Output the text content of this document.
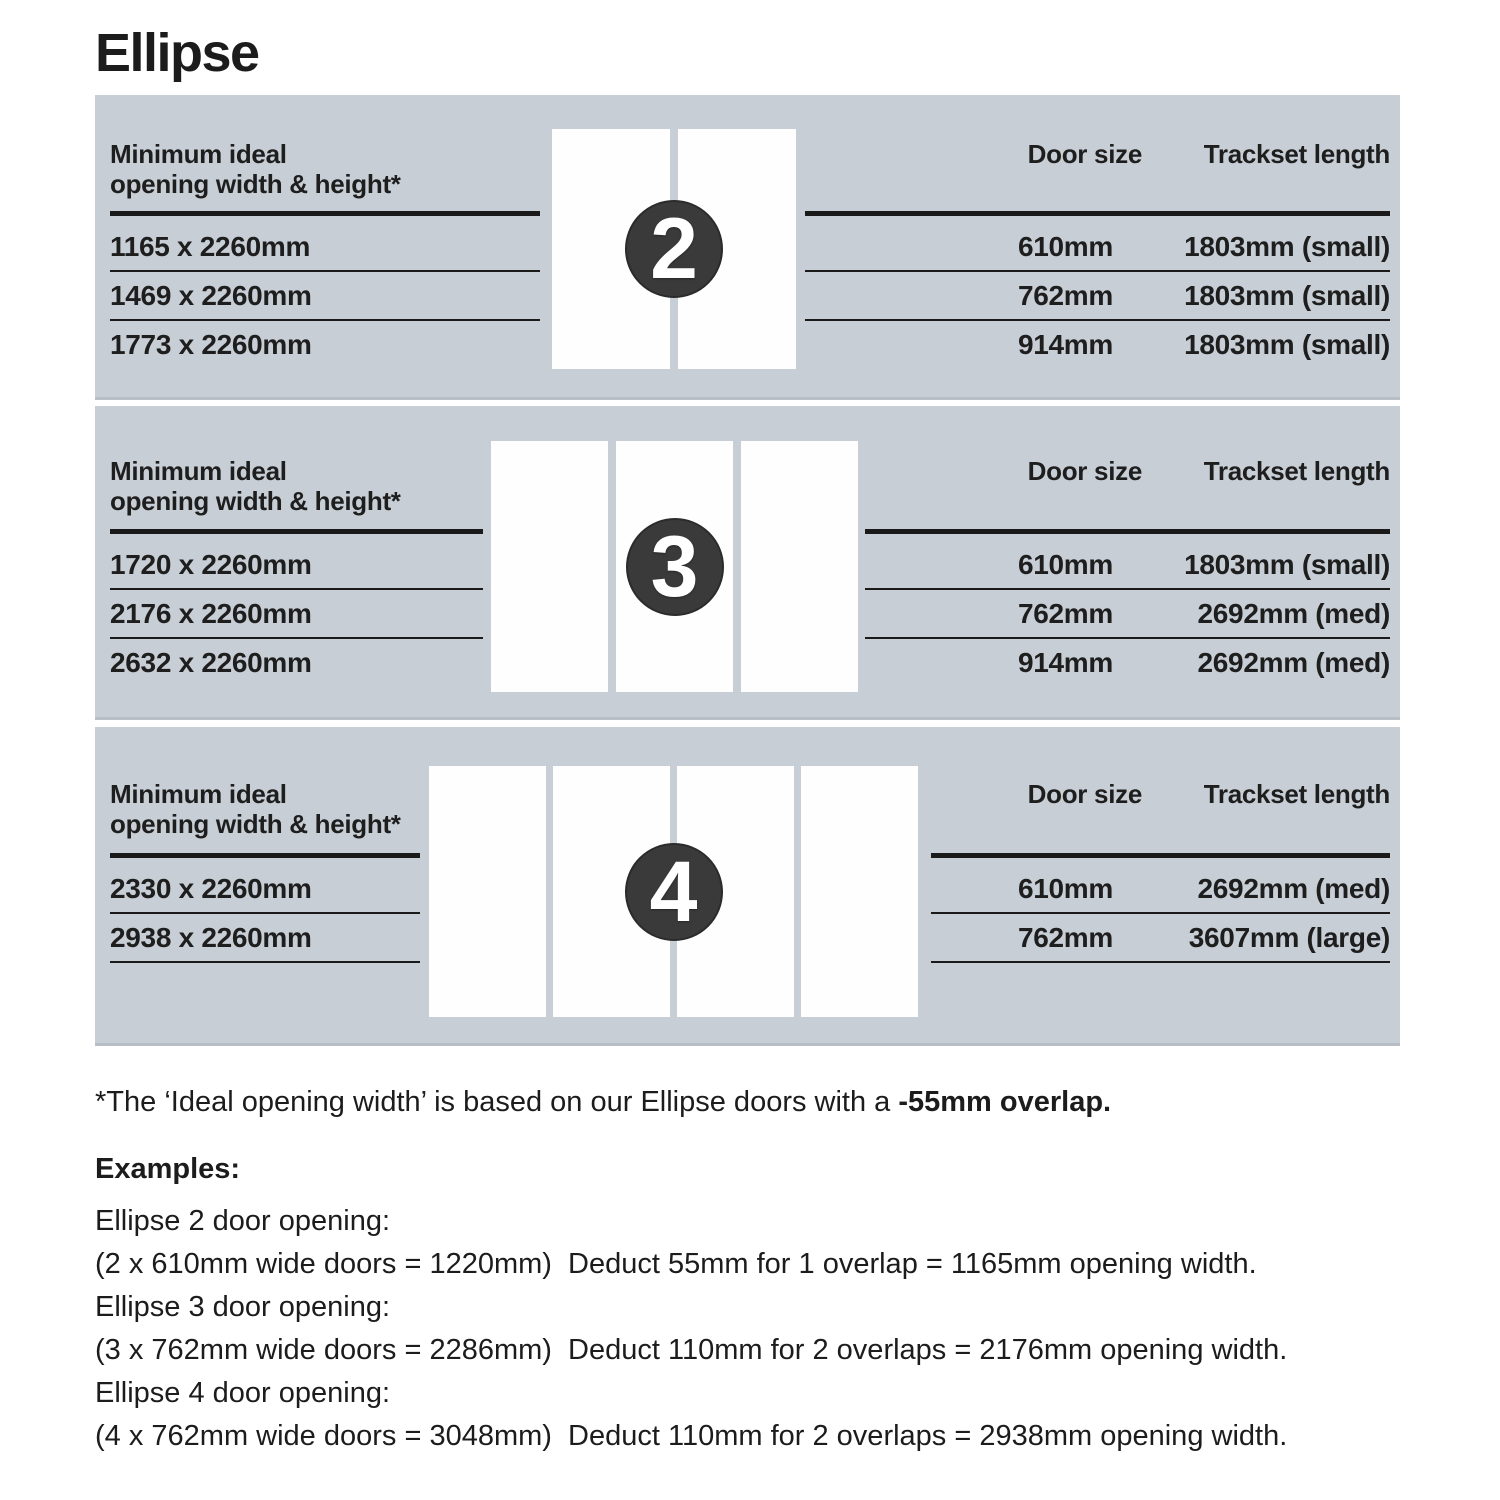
Ellipse
Minimum ideal
opening width & height*
1165 x 2260mm
1469 x 2260mm
1773 x 2260mm
2
Door size Trackset length
610mm	1803mm (small)
762mm	1803mm (small)
914mm	1803mm (small)
Minimum ideal
opening width & height*
1720 x 2260mm
2176 x 2260mm
2632 x 2260mm
3
Door size Trackset length
610mm	1803mm (small)
762mm	2692mm (med)
914mm	2692mm (med)
Minimum ideal
opening width & height*
2330 x 2260mm
2938 x 2260mm	4
Door size Trackset length
610mm	2692mm (med)
762mm	3607mm (large)
*The ‘Ideal opening width’ is based on our Ellipse doors with a -55mm overlap.
Examples:
Ellipse 2 door opening:
(2 x 610mm wide doors = 1220mm)  Deduct 55mm for 1 overlap = 1165mm opening width.
Ellipse 3 door opening:
(3 x 762mm wide doors = 2286mm)  Deduct 110mm for 2 overlaps = 2176mm opening width.
Ellipse 4 door opening:
(4 x 762mm wide doors = 3048mm)  Deduct 110mm for 2 overlaps = 2938mm opening width.
